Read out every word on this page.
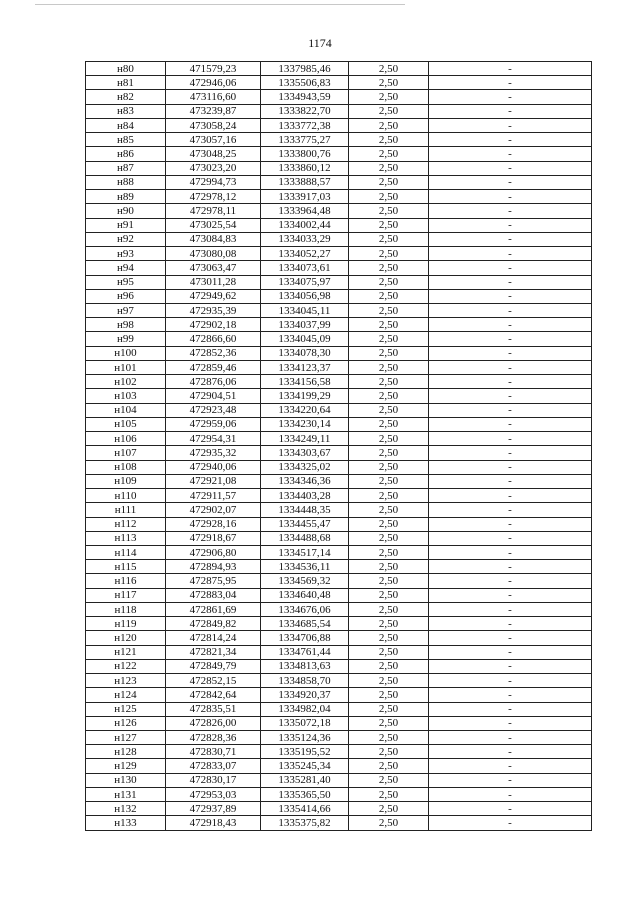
1174
н80	471579,23	1337985,46	2,50	-
н81	472946,06	1335506,83	2,50	-
н82	473116,60	1334943,59	2,50	-
н83	473239,87	1333822,70	2,50	-
н84	473058,24	1333772,38	2,50	-
н85	473057,16	1333775,27	2,50	-
н86	473048,25	1333800,76	2,50	-
н87	473023,20	1333860,12	2,50	-
н88	472994,73	1333888,57	2,50	-
н89	472978,12	1333917,03	2,50	-
н90	472978,11	1333964,48	2,50	-
н91	473025,54	1334002,44	2,50	-
н92	473084,83	1334033,29	2,50	-
н93	473080,08	1334052,27	2,50	-
н94	473063,47	1334073,61	2,50	-
н95	473011,28	1334075,97	2,50	-
н96	472949,62	1334056,98	2,50	-
н97	472935,39	1334045,11	2,50	-
н98	472902,18	1334037,99	2,50	-
н99	472866,60	1334045,09	2,50	-
н100	472852,36	1334078,30	2,50	-
н101	472859,46	1334123,37	2,50	-
н102	472876,06	1334156,58	2,50	-
н103	472904,51	1334199,29	2,50	-
н104	472923,48	1334220,64	2,50	-
н105	472959,06	1334230,14	2,50	-
н106	472954,31	1334249,11	2,50	-
н107	472935,32	1334303,67	2,50	-
н108	472940,06	1334325,02	2,50	-
н109	472921,08	1334346,36	2,50	-
н110	472911,57	1334403,28	2,50	-
н111	472902,07	1334448,35	2,50	-
н112	472928,16	1334455,47	2,50	-
н113	472918,67	1334488,68	2,50	-
н114	472906,80	1334517,14	2,50	-
н115	472894,93	1334536,11	2,50	-
н116	472875,95	1334569,32	2,50	-
н117	472883,04	1334640,48	2,50	-
н118	472861,69	1334676,06	2,50	-
н119	472849,82	1334685,54	2,50	-
н120	472814,24	1334706,88	2,50	-
н121	472821,34	1334761,44	2,50	-
н122	472849,79	1334813,63	2,50	-
н123	472852,15	1334858,70	2,50	-
н124	472842,64	1334920,37	2,50	-
н125	472835,51	1334982,04	2,50	-
н126	472826,00	1335072,18	2,50	-
н127	472828,36	1335124,36	2,50	-
н128	472830,71	1335195,52	2,50	-
н129	472833,07	1335245,34	2,50	-
н130	472830,17	1335281,40	2,50	-
н131	472953,03	1335365,50	2,50	-
н132	472937,89	1335414,66	2,50	-
н133	472918,43	1335375,82	2,50	-
